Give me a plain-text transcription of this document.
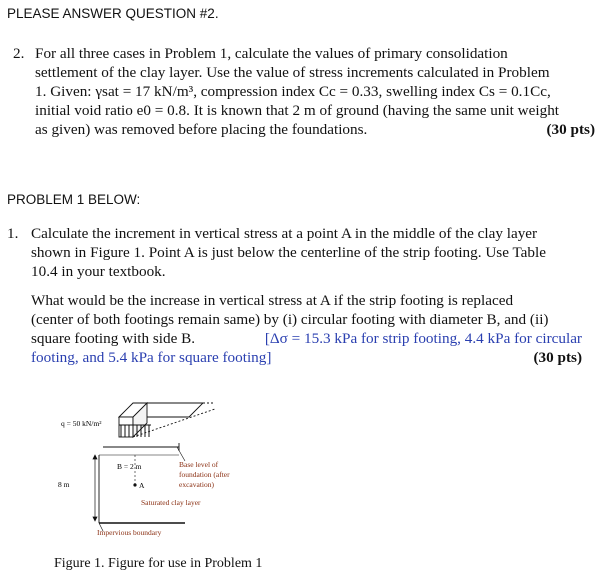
PLEASE ANSWER QUESTION #2.
2. For all three cases in Problem 1, calculate the values of primary consolidation
settlement of the clay layer. Use the value of stress increments calculated in Problem
1. Given: γsat = 17 kN/m³, compression index Cc = 0.33, swelling index Cs = 0.1Cc,
initial void ratio e0 = 0.8. It is known that 2 m of ground (having the same unit weight
as given) was removed before placing the foundations.	(30 pts)
PROBLEM 1 BELOW:
1. Calculate the increment in vertical stress at a point A in the middle of the clay layer
shown in Figure 1. Point A is just below the centerline of the strip footing. Use Table
10.4 in your textbook.
What would be the increase in vertical stress at A if the strip footing is replaced
(center of both footings remain same) by (i) circular footing with diameter B, and (ii)
square footing with side B.	[Δσ = 15.3 kPa for strip footing, 4.4 kPa for circular
footing, and 5.4 kPa for square footing]	(30 pts)
8 m	A
q = 50 kN/m²
B = 2 m	Base level of
foundation (after
excavation)
Saturated clay layer
Impervious boundary
Figure 1. Figure for use in Problem 1
